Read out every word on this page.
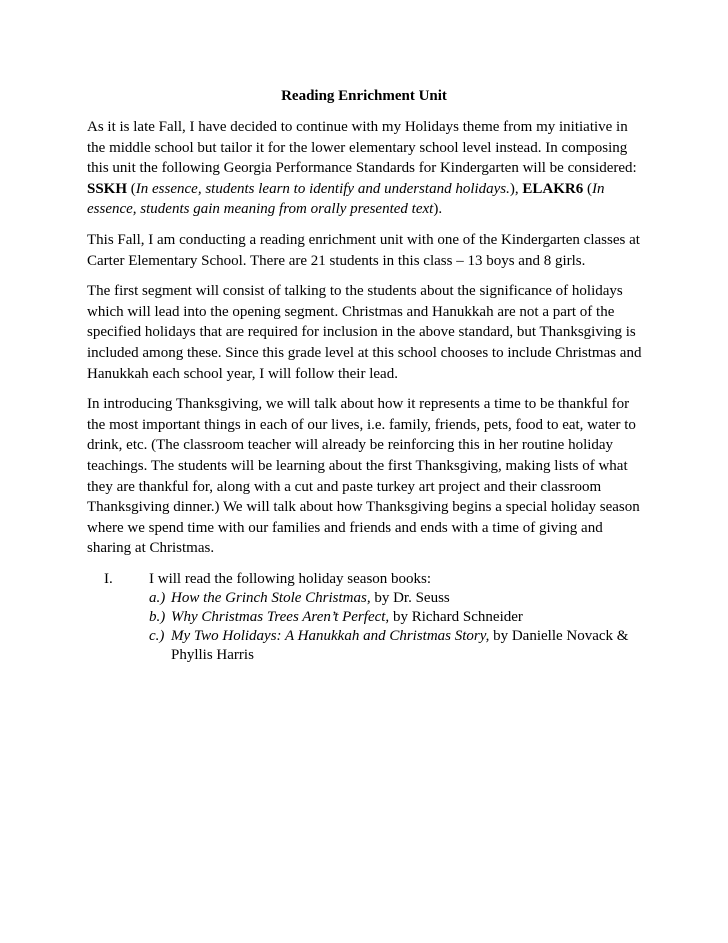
Reading Enrichment Unit

As it is late Fall, I have decided to continue with my Holidays theme from my initiative in the middle school but tailor it for the lower elementary school level instead. In composing this unit the following Georgia Performance Standards for Kindergarten will be considered: SSKH (In essence, students learn to identify and understand holidays.), ELAKR6 (In essence, students gain meaning from orally presented text).

This Fall, I am conducting a reading enrichment unit with one of the Kindergarten classes at Carter Elementary School. There are 21 students in this class – 13 boys and 8 girls.

The first segment will consist of talking to the students about the significance of holidays which will lead into the opening segment. Christmas and Hanukkah are not a part of the specified holidays that are required for inclusion in the above standard, but Thanksgiving is included among these. Since this grade level at this school chooses to include Christmas and Hanukkah each school year, I will follow their lead.

In introducing Thanksgiving, we will talk about how it represents a time to be thankful for the most important things in each of our lives, i.e. family, friends, pets, food to eat, water to drink, etc. (The classroom teacher will already be reinforcing this in her routine holiday teachings. The students will be learning about the first Thanksgiving, making lists of what they are thankful for, along with a cut and paste turkey art project and their classroom Thanksgiving dinner.) We will talk about how Thanksgiving begins a special holiday season where we spend time with our families and friends and ends with a time of giving and sharing at Christmas.

I.	I will read the following holiday season books:
a.) How the Grinch Stole Christmas, by Dr. Seuss
b.) Why Christmas Trees Aren’t Perfect, by Richard Schneider
c.) My Two Holidays: A Hanukkah and Christmas Story, by Danielle Novack & Phyllis Harris
